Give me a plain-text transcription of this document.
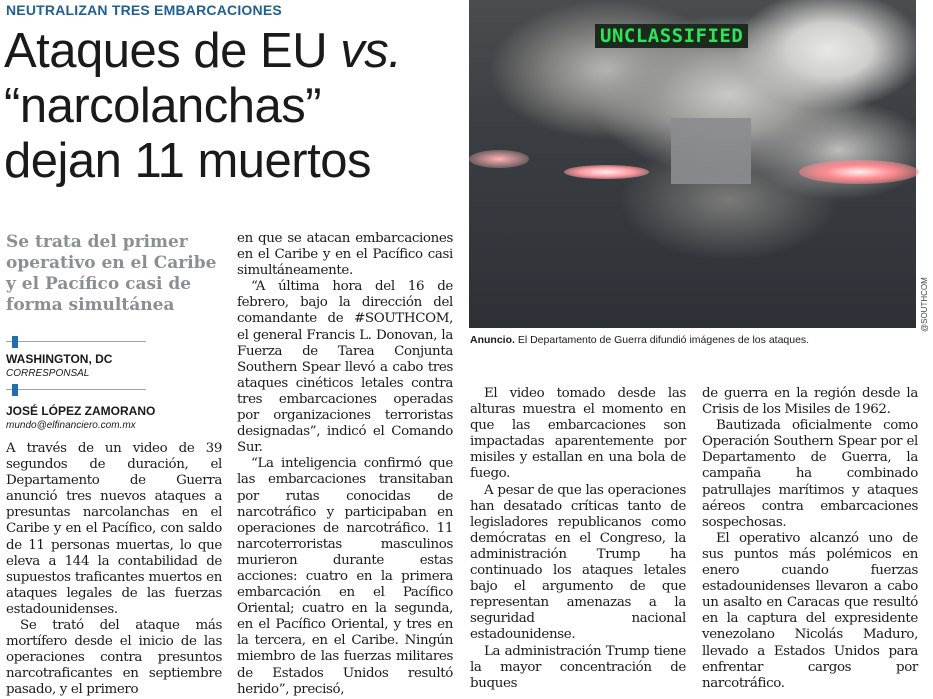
NEUTRALIZAN TRES EMBARCACIONES
Ataques de EU vs.
“narcolanchas”
dejan 11 muertos
Se trata del primer operativo en el Caribe y el Pacífico casi de forma simultánea
WASHINGTON, DC
CORRESPONSAL
JOSÉ LÓPEZ ZAMORANO
mundo@elfinanciero.com.mx

A través de un video de 39 segundos de duración, el Departamento de Guerra anunció tres nuevos ataques a presuntas narcolanchas en el Caribe y en el Pacífico, con saldo de 11 personas muertas, lo que eleva a 144 la contabilidad de supuestos traficantes muertos en ataques legales de las fuerzas estadounidenses.

Se trató del ataque más mortífero desde el inicio de las operaciones contra presuntos narcotraficantes en septiembre pasado, y el primero

en que se atacan embarcaciones en el Caribe y en el Pacífico casi simultáneamente.

“A última hora del 16 de febrero, bajo la dirección del comandante de #SOUTHCOM, el general Francis L. Donovan, la Fuerza de Tarea Conjunta Southern Spear llevó a cabo tres ataques cinéticos letales contra tres embarcaciones operadas por organizaciones terroristas designadas”, indicó el Comando Sur.

“La inteligencia confirmó que las embarcaciones transitaban por rutas conocidas de narcotráfico y participaban en operaciones de narcotráfico. 11 narcoterroristas masculinos murieron durante estas acciones: cuatro en la primera embarcación en el Pacífico Oriental; cuatro en la segunda, en el Pacífico Oriental, y tres en la tercera, en el Caribe. Ningún miembro de las fuerzas militares de Estados Unidos resultó herido”, precisó,

UNCLASSIFIED
@SOUTHCOM
Anuncio. El Departamento de Guerra difundió imágenes de los ataques.

El video tomado desde las alturas muestra el momento en que las embarcaciones son impactadas aparentemente por misiles y estallan en una bola de fuego.

A pesar de que las operaciones han desatado críticas tanto de legisladores republicanos como demócratas en el Congreso, la administración Trump ha continuado los ataques letales bajo el argumento de que representan amenazas a la seguridad nacional estadounidense.

La administración Trump tiene la mayor concentración de buques

de guerra en la región desde la Crisis de los Misiles de 1962.

Bautizada oficialmente como Operación Southern Spear por el Departamento de Guerra, la campaña ha combinado patrullajes marítimos y ataques aéreos contra embarcaciones sospechosas.

El operativo alcanzó uno de sus puntos más polémicos en enero cuando fuerzas estadounidenses llevaron a cabo un asalto en Caracas que resultó en la captura del expresidente venezolano Nicolás Maduro, llevado a Estados Unidos para enfrentar cargos por narcotráfico.
